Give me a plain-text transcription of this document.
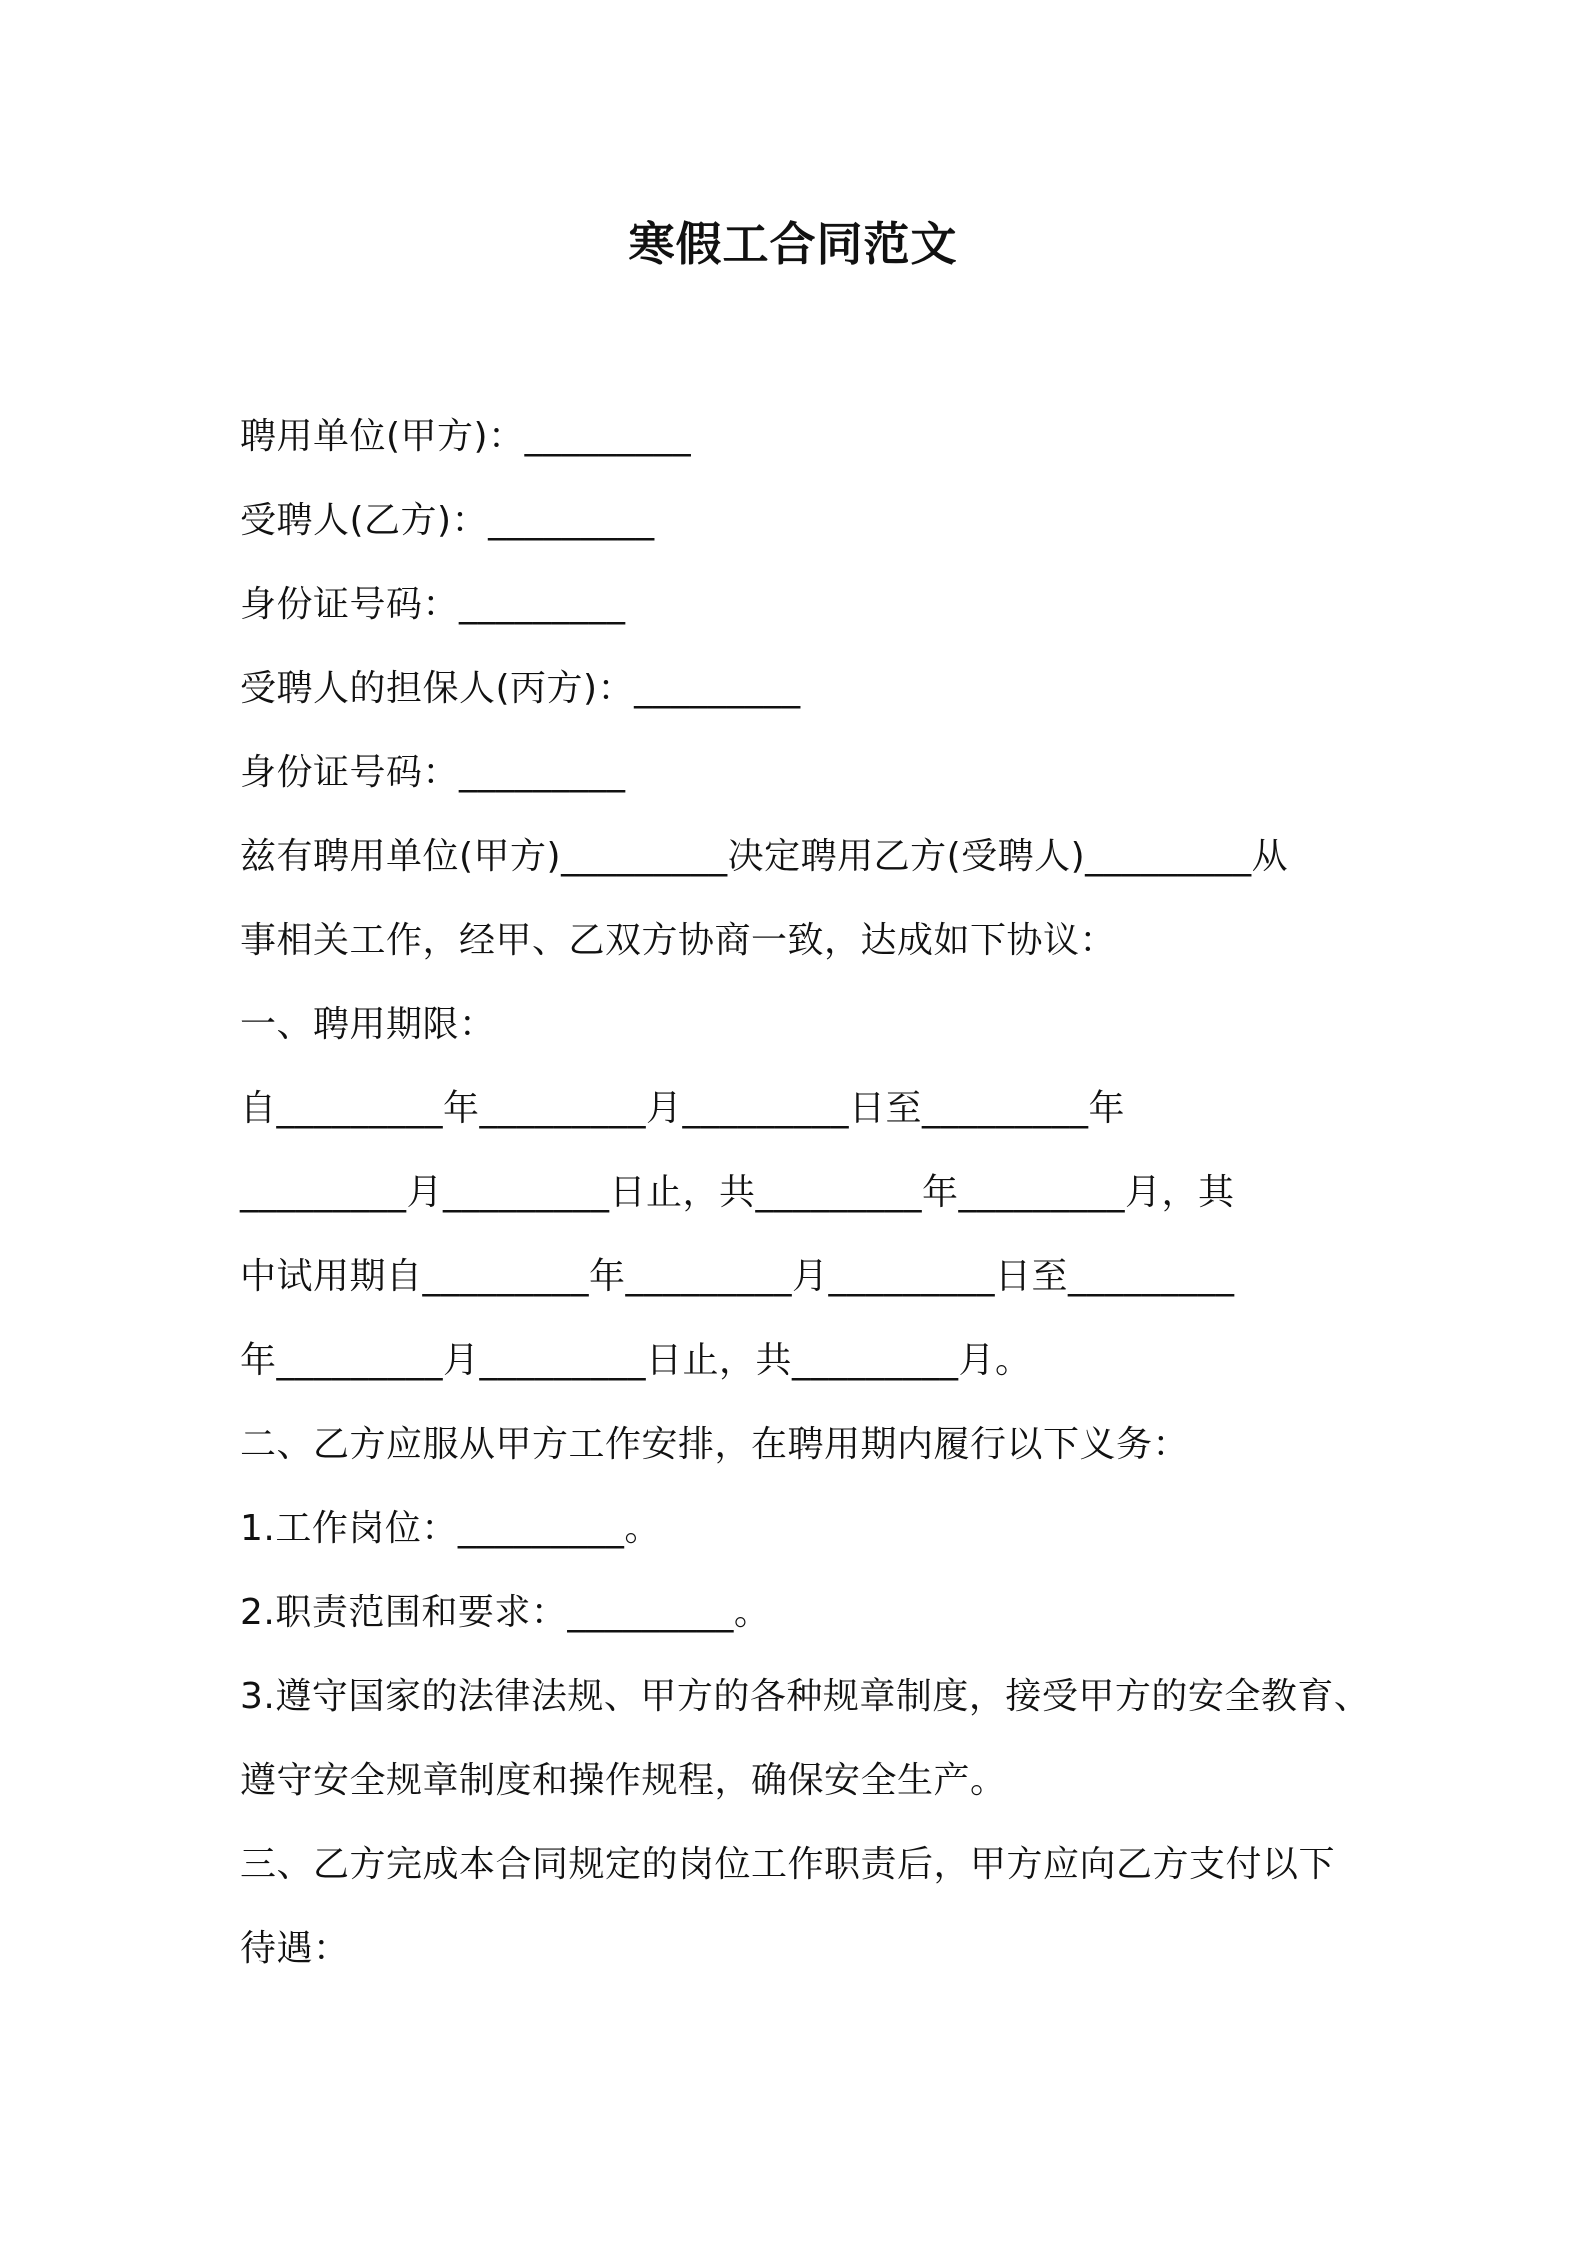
寒假工合同范文
聘用单位(甲方)：_________
受聘人(乙方)：_________
身份证号码：_________
受聘人的担保人(丙方)：_________
身份证号码：_________
兹有聘用单位(甲方)_________决定聘用乙方(受聘人)_________从
事相关工作，经甲、乙双方协商一致，达成如下协议：
一、聘用期限：
自_________年_________月_________日至_________年
_________月_________日止，共_________年_________月，其
中试用期自_________年_________月_________日至_________
年_________月_________日止，共_________月。
二、乙方应服从甲方工作安排，在聘用期内履行以下义务：
1.工作岗位：_________。
2.职责范围和要求：_________。
3.遵守国家的法律法规、甲方的各种规章制度，接受甲方的安全教育、
遵守安全规章制度和操作规程，确保安全生产。
三、乙方完成本合同规定的岗位工作职责后，甲方应向乙方支付以下
待遇：
